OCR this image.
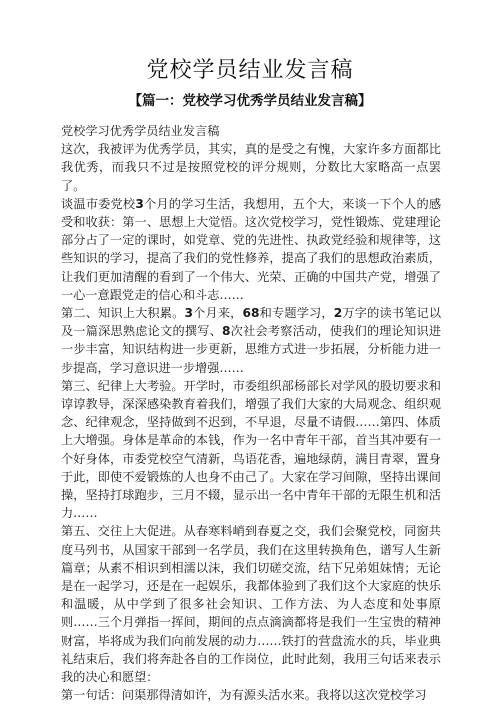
党校学员结业发言稿
【篇一：党校学习优秀学员结业发言稿】

党校学习优秀学员结业发言稿

这次，我被评为优秀学员，其实，真的是受之有愧，大家许多方面都比我优秀，而我只不过是按照党校的评分规则，分数比大家略高一点罢了。

谈温市委党校3个月的学习生活，我想用，五个大，来谈一下个人的感受和收获：第一、思想上大觉悟。这次党校学习，党性锻炼、党建理论部分占了一定的课时，如党章、党的先进性、执政党经验和规律等，这些知识的学习，提高了我们的党性修养，提高了我们的思想政治素质，让我们更加清醒的看到了一个伟大、光荣、正确的中国共产党，增强了一心一意跟党走的信心和斗志……

第二、知识上大积累。3个月来，68和专题学习，2万字的读书笔记以及一篇深思熟虑论文的撰写、8次社会考察活动，使我们的理论知识进一步丰富，知识结构进一步更新，思维方式进一步拓展，分析能力进一步提高，学习意识进一步增强……

第三、纪律上大考验。开学时，市委组织部杨部长对学风的股切要求和谆谆教导，深深感染教育着我们，增强了我们大家的大局观念、组织观念、纪律观念，坚持做到不迟到，不早退，尽量不请假……第四、体质上大增强。身体是革命的本钱，作为一名中青年干部，首当其冲要有一个好身体，市委党校空气清新，鸟语花香，遍地绿荫，满目青翠，置身于此，即使不爱锻炼的人也身不由己了。大家在学习间隙，坚持出课间操，坚持打球跑步，三月不辍，显示出一名中青年干部的无限生机和活力……

第五、交往上大促进。从春寒料峭到春夏之交，我们会聚党校，同窗共度马列书，从国家干部到一名学员，我们在这里转换角色，谱写人生新篇章；从素不相识到相濡以沫，我们切磋交流，结下兄弟姐妹情；无论是在一起学习，还是在一起娱乐，我都体验到了我们这个大家庭的快乐和温暖，从中学到了很多社会知识、工作方法、为人态度和处事原则……三个月弹指一挥间，期间的点点滴滴都将是我们一生宝贵的精神财富，毕将成为我们向前发展的动力……铁打的营盘流水的兵，毕业典礼结束后，我们将奔赴各自的工作岗位，此时此刻，我用三句话来表示我的决心和愿望：

第一句话：问渠那得清如许，为有源头活水来。我将以这次党校学习
